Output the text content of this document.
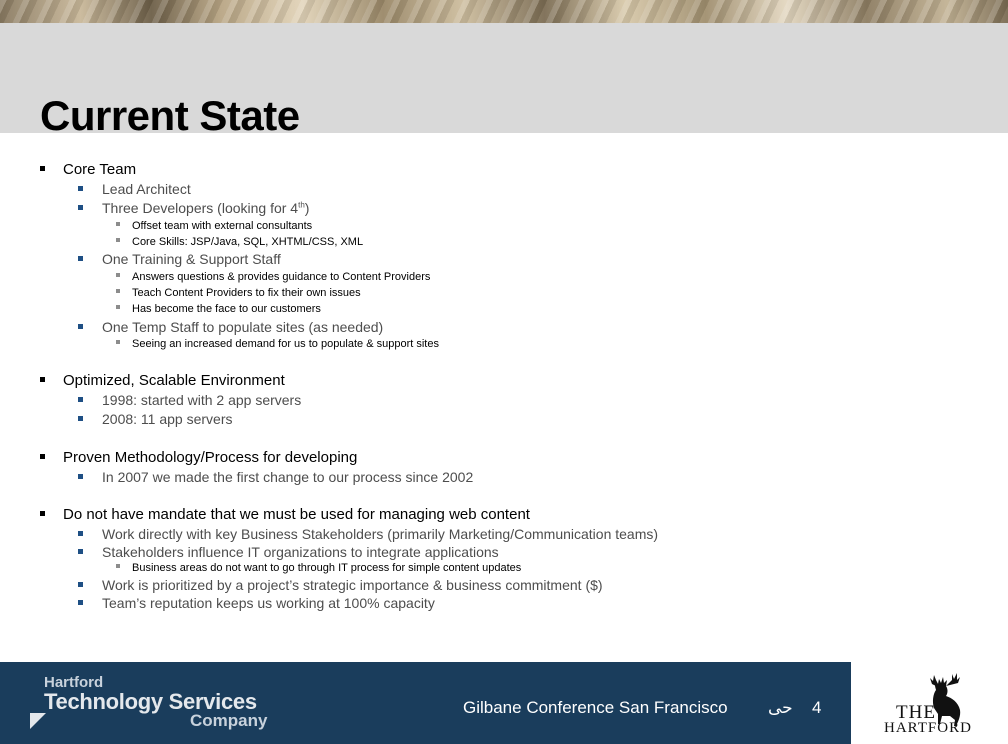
Current State
Core Team
Lead Architect
Three Developers (looking for 4th)
Offset team with external consultants
Core Skills: JSP/Java, SQL, XHTML/CSS, XML
One Training & Support Staff
Answers questions & provides guidance to Content Providers
Teach Content Providers to fix their own issues
Has become the face to our customers
One Temp Staff to populate sites (as needed)
Seeing an increased demand for us to populate & support sites
Optimized, Scalable Environment
1998: started with 2 app servers
2008: 11 app servers
Proven Methodology/Process for developing
In 2007 we made the first change to our process since 2002
Do not have mandate that we must be used for managing web content
Work directly with key Business Stakeholders (primarily Marketing/Communication teams)
Stakeholders influence IT organizations to integrate applications
Business areas do not want to go through IT process for simple content updates
Work is prioritized by a project’s strategic importance & business commitment ($)
Team’s reputation keeps us working at 100% capacity
Hartford
Technology Services
Company
Gilbane Conference San Francisco حى 4	THE
HARTFORD
